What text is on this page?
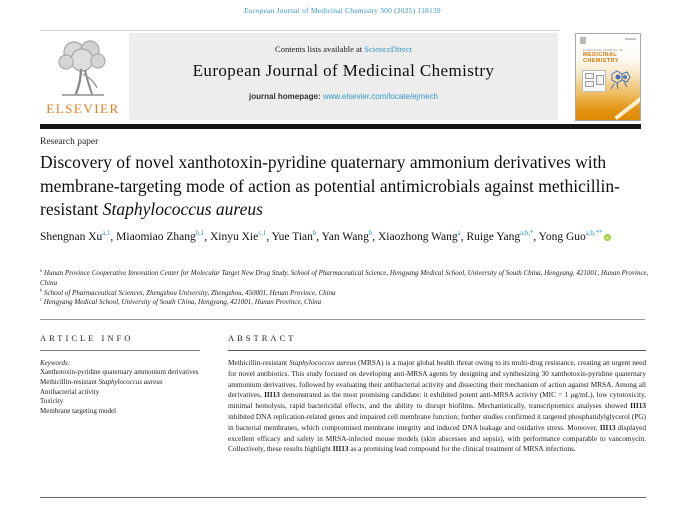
European Journal of Medicinal Chemistry 300 (2025) 118139
ELSEVIER
Contents lists available at ScienceDirect
European Journal of Medicinal Chemistry
journal homepage: www.elsevier.com/locate/ejmech
EUROPEAN JOURNAL OF
MEDICINAL
CHEMISTRY
Research paper
Discovery of novel xanthotoxin-pyridine quaternary ammonium derivatives with membrane-targeting mode of action as potential antimicrobials against methicillin-resistant Staphylococcus aureus
Shengnan Xu$^{a,1}$, Miaomiao Zhang$^{b,1}$, Xinyu Xie$^{c,1}$, Yue Tian$^b$, Yan Wang$^b$, Xiaozhong Wang$^a$, Ruige Yang$^{a,b,*}$, Yong Guo$^{a,b,**}$iD
$^a$ Hunan Province Cooperative Innovation Center for Molecular Target New Drug Study, School of Pharmaceutical Science, Hengyang Medical School, University of South China, Hengyang, 421001, Hunan Province, China
$^b$ School of Pharmaceutical Sciences, Zhengzhou University, Zhengzhou, 450001, Henan Province, China
$^c$ Hengyang Medical School, University of South China, Hengyang, 421001, Hunan Province, China
ARTICLE INFO
Keywords:
Xanthotoxin-pyridine quaternary ammonium derivatives
Methicillin-resistant Staphylococcus aureus
Antibacterial activity
Toxicity
Membrane targeting model
ABSTRACT

Methicillin-resistant Staphylococcus aureus (MRSA) is a major global health threat owing to its multi-drug resistance, creating an urgent need for novel antibiotics. This study focused on developing anti-MRSA agents by designing and synthesizing 30 xanthotoxin-pyridine quaternary ammonium derivatives, followed by evaluating their antibacterial activity and dissecting their mechanism of action against MRSA. Among all derivatives, III13 demonstrated as the most promising candidate: it exhibited potent anti-MRSA activity (MIC = 1 μg/mL), low cytotoxicity, minimal hemolysis, rapid bactericidal effects, and the ability to disrupt biofilms. Mechanistically, transcriptomics analyses showed III13 inhibited DNA replication-related genes and impaired cell membrane function; further studies confirmed it targeted phosphatidylglycerol (PG) in bacterial membranes, which compromised membrane integrity and induced DNA leakage and oxidative stress. Moreover, III13 displayed excellent efficacy and safety in MRSA-infected mouse models (skin abscesses and sepsis), with performance comparable to vancomycin. Collectively, these results highlight III13 as a promising lead compound for the clinical treatment of MRSA infections.
